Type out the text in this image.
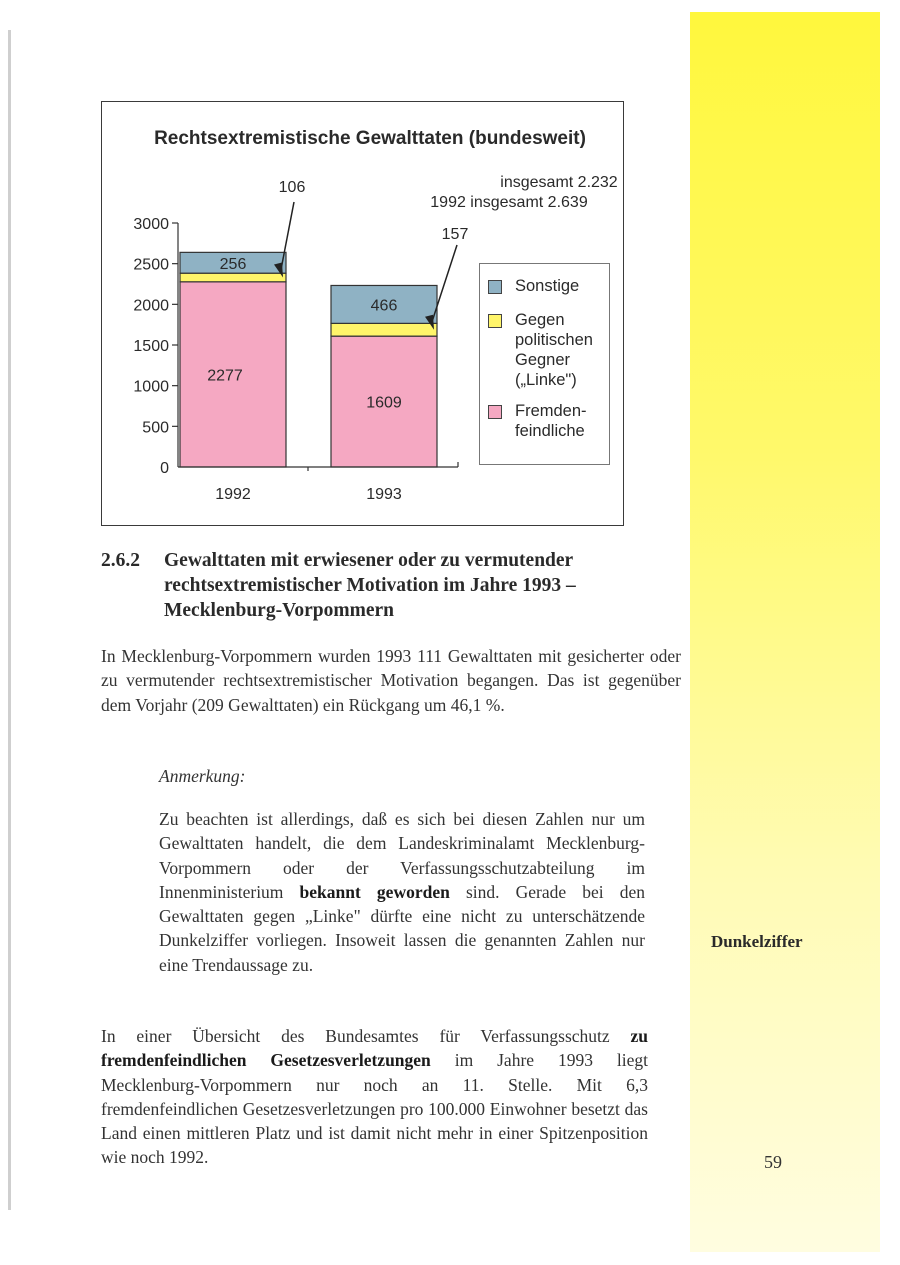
Rechtsextremistische Gewalttaten (bundesweit)
0
500
1000
1500
2000
2500
3000
2277
256
1609
466
1992	1993
insgesamt 2.232
1992 insgesamt 2.639
106
157
Sonstige
Gegen politischen Gegner („Linke")
Fremden-feindliche
2.6.2 Gewalttaten mit erwiesener oder zu vermutender rechtsextremistischer Motivation im Jahre 1993 – Mecklenburg-Vorpommern
In Mecklenburg-Vorpommern wurden 1993 111 Gewalttaten mit gesicherter oder zu vermutender rechtsextremistischer Motivation begangen. Das ist gegenüber dem Vorjahr (209 Gewalttaten) ein Rückgang um 46,1 %.
Anmerkung:
Zu beachten ist allerdings, daß es sich bei diesen Zahlen nur um Gewalttaten handelt, die dem Landeskriminalamt Mecklenburg-Vorpommern oder der Verfassungsschutzabteilung im Innenministerium bekannt geworden sind. Gerade bei den Gewalttaten gegen „Linke" dürfte eine nicht zu unterschätzende Dunkelziffer vorliegen. Insoweit lassen die genannten Zahlen nur eine Trendaussage zu.
In einer Übersicht des Bundesamtes für Verfassungsschutz zu fremdenfeindlichen Gesetzesverletzungen im Jahre 1993 liegt Mecklenburg-Vorpommern nur noch an 11. Stelle. Mit 6,3 fremdenfeindlichen Gesetzesverletzungen pro 100.000 Einwohner besetzt das Land einen mittleren Platz und ist damit nicht mehr in einer Spitzenposition wie noch 1992.
Dunkelziffer
59
